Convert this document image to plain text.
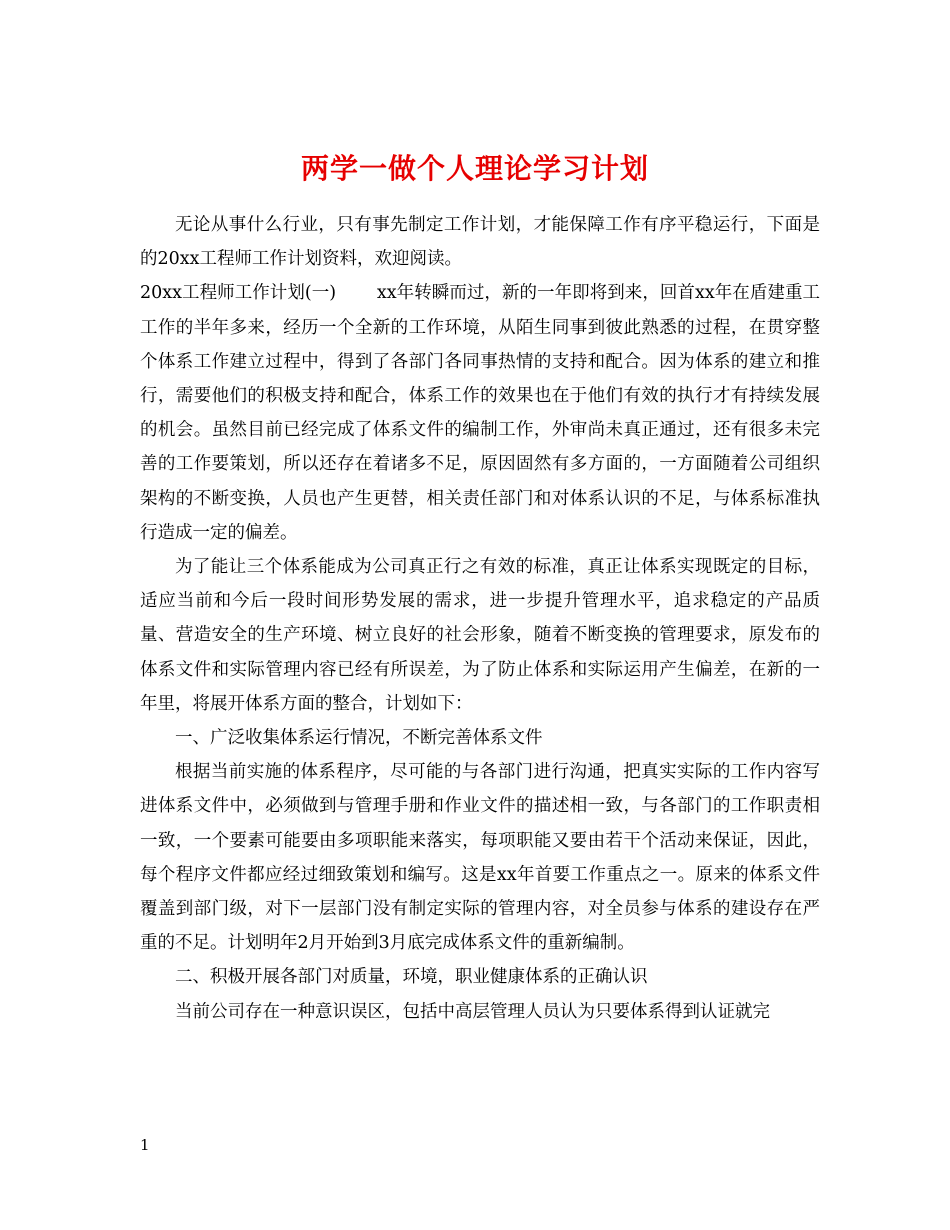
两学一做个人理论学习计划

无论从事什么行业，只有事先制定工作计划，才能保障工作有序平稳运行，下面是的20xx工程师工作计划资料，欢迎阅读。

20xx工程师工作计划(一)　　 xx年转瞬而过，新的一年即将到来，回首xx年在盾建重工工作的半年多来，经历一个全新的工作环境，从陌生同事到彼此熟悉的过程，在贯穿整个体系工作建立过程中，得到了各部门各同事热情的支持和配合。因为体系的建立和推行，需要他们的积极支持和配合，体系工作的效果也在于他们有效的执行才有持续发展的机会。虽然目前已经完成了体系文件的编制工作，外审尚未真正通过，还有很多未完善的工作要策划，所以还存在着诸多不足，原因固然有多方面的，一方面随着公司组织架构的不断变换，人员也产生更替，相关责任部门和对体系认识的不足，与体系标准执行造成一定的偏差。

为了能让三个体系能成为公司真正行之有效的标准，真正让体系实现既定的目标，适应当前和今后一段时间形势发展的需求，进一步提升管理水平，追求稳定的产品质量、营造安全的生产环境、树立良好的社会形象，随着不断变换的管理要求，原发布的体系文件和实际管理内容已经有所误差，为了防止体系和实际运用产生偏差，在新的一年里，将展开体系方面的整合，计划如下：

一、广泛收集体系运行情况，不断完善体系文件

根据当前实施的体系程序，尽可能的与各部门进行沟通，把真实实际的工作内容写进体系文件中，必须做到与管理手册和作业文件的描述相一致，与各部门的工作职责相一致，一个要素可能要由多项职能来落实，每项职能又要由若干个活动来保证，因此，每个程序文件都应经过细致策划和编写。这是xx年首要工作重点之一。原来的体系文件覆盖到部门级，对下一层部门没有制定实际的管理内容，对全员参与体系的建设存在严重的不足。计划明年2月开始到3月底完成体系文件的重新编制。

二、积极开展各部门对质量，环境，职业健康体系的正确认识

当前公司存在一种意识误区，包括中高层管理人员认为只要体系得到认证就完

1
